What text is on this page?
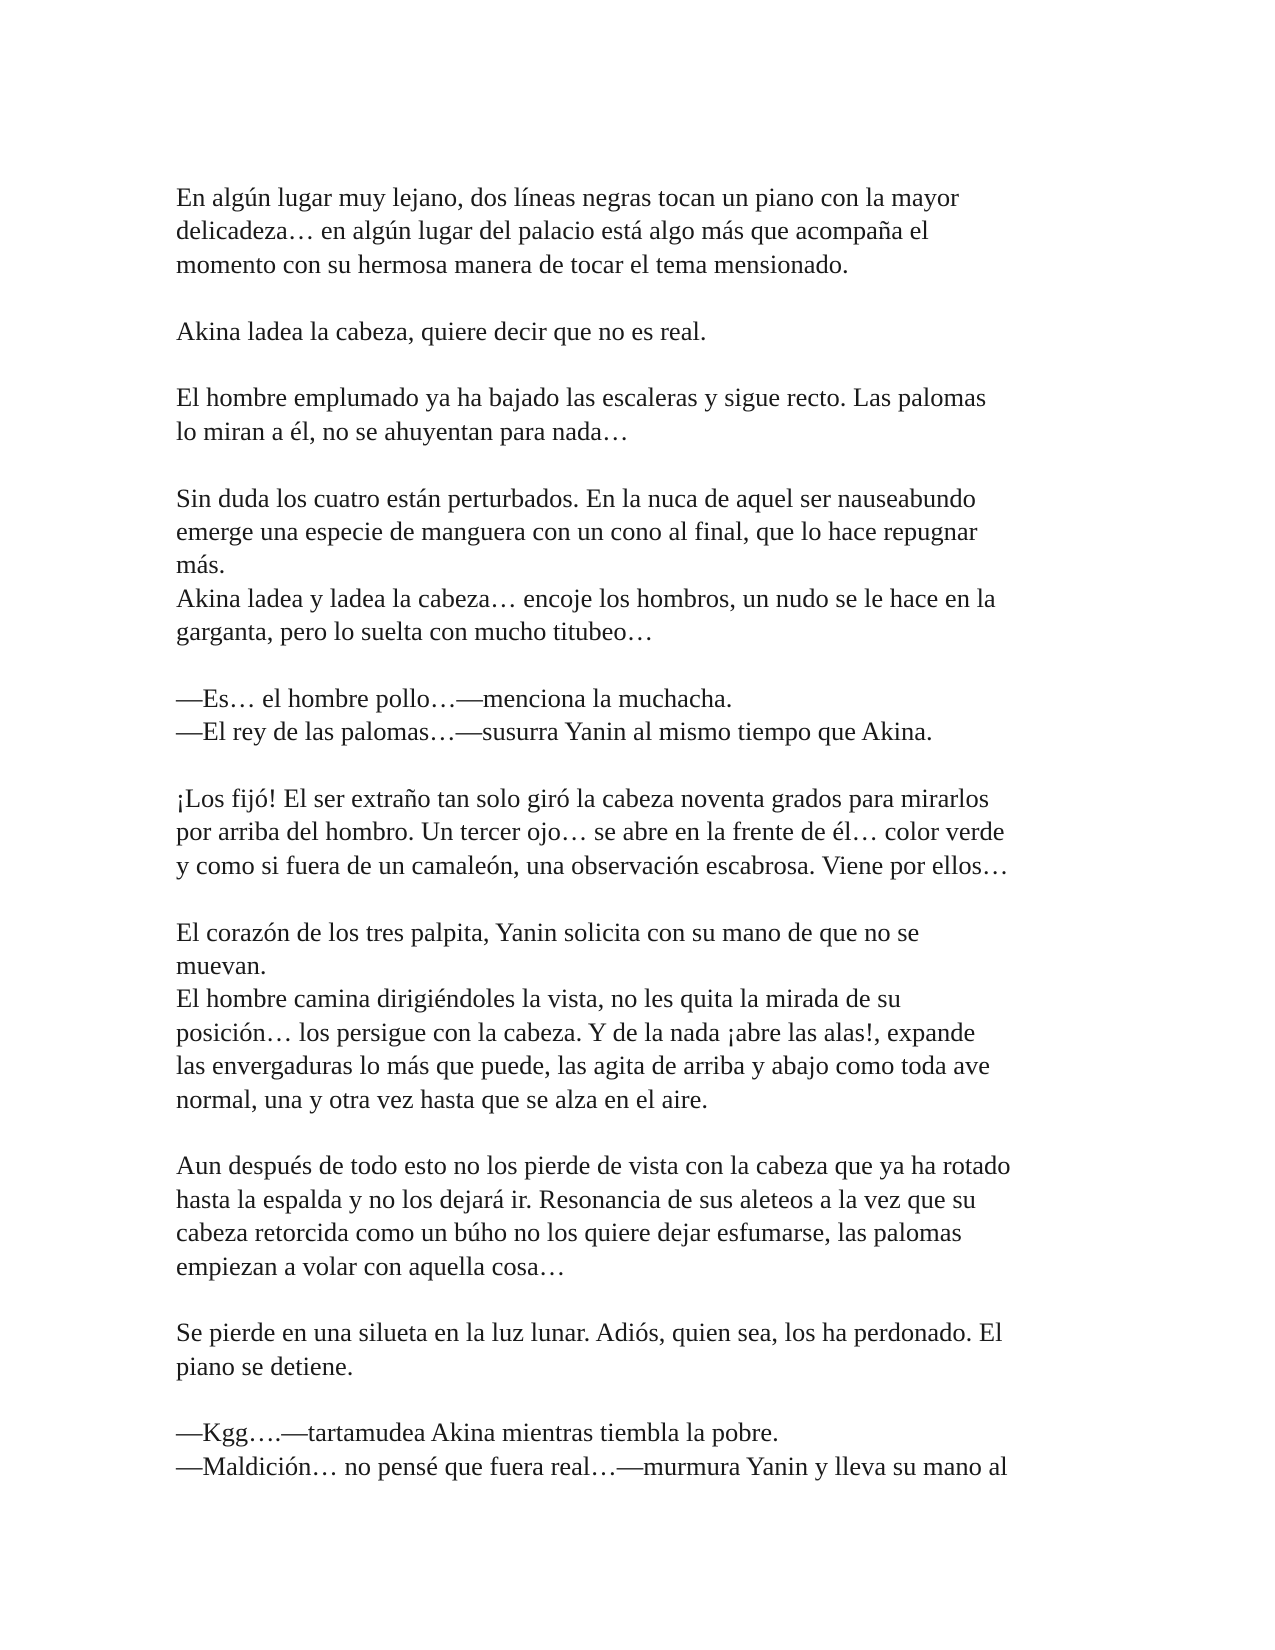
En algún lugar muy lejano, dos líneas negras tocan un piano con la mayor
delicadeza… en algún lugar del palacio está algo más que acompaña el
momento con su hermosa manera de tocar el tema mensionado.
Akina ladea la cabeza, quiere decir que no es real.
El hombre emplumado ya ha bajado las escaleras y sigue recto. Las palomas
lo miran a él, no se ahuyentan para nada…
Sin duda los cuatro están perturbados. En la nuca de aquel ser nauseabundo
emerge una especie de manguera con un cono al final, que lo hace repugnar
más.
Akina ladea y ladea la cabeza… encoje los hombros, un nudo se le hace en la
garganta, pero lo suelta con mucho titubeo…
—Es… el hombre pollo…—menciona la muchacha.
—El rey de las palomas…—susurra Yanin al mismo tiempo que Akina.
¡Los fijó! El ser extraño tan solo giró la cabeza noventa grados para mirarlos
por arriba del hombro. Un tercer ojo… se abre en la frente de él… color verde
y como si fuera de un camaleón, una observación escabrosa. Viene por ellos…
El corazón de los tres palpita, Yanin solicita con su mano de que no se
muevan.
El hombre camina dirigiéndoles la vista, no les quita la mirada de su
posición… los persigue con la cabeza. Y de la nada ¡abre las alas!, expande
las envergaduras lo más que puede, las agita de arriba y abajo como toda ave
normal, una y otra vez hasta que se alza en el aire.
Aun después de todo esto no los pierde de vista con la cabeza que ya ha rotado
hasta la espalda y no los dejará ir. Resonancia de sus aleteos a la vez que su
cabeza retorcida como un búho no los quiere dejar esfumarse, las palomas
empiezan a volar con aquella cosa…
Se pierde en una silueta en la luz lunar. Adiós, quien sea, los ha perdonado. El
piano se detiene.
—Kgg….—tartamudea Akina mientras tiembla la pobre.
—Maldición… no pensé que fuera real…—murmura Yanin y lleva su mano al
